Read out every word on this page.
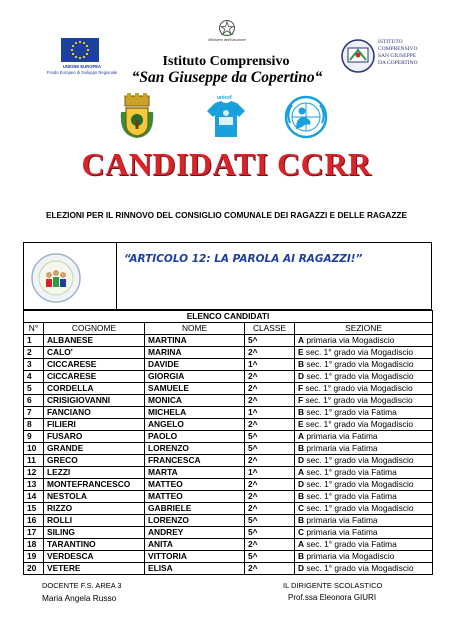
UNIONE EUROPEA
Fondo Europeo di Sviluppo Regionale
Ministero dell'Istruzione
Istituto Comprensivo
“San Giuseppe da Copertino“
ISTITUTO COMPRENSIVO
SAN GIUSEPPE
DA COPERTINO
unicef
CANDIDATI CCRR
ELEZIONI PER IL RINNOVO DEL CONSIGLIO COMUNALE DEI RAGAZZI E DELLE RAGAZZE
“ARTICOLO 12: LA PAROLA AI RAGAZZI!”
ELENCO CANDIDATI				
N°	COGNOME	NOME	CLASSE	SEZIONE
1	ALBANESE	MARTINA	5^	A primaria via Mogadiscio
2	CALO'	MARINA	2^	E sec. 1° grado via Mogadiscio
3	CICCARESE	DAVIDE	1^	B sec. 1° grado via Mogadiscio
4	CICCARESE	GIORGIA	2^	D sec. 1° grado via Mogadiscio
5	CORDELLA	SAMUELE	2^	F sec. 1° grado via Mogadiscio
6	CRISIGIOVANNI	MONICA	2^	F sec. 1° grado via Mogadiscio
7	FANCIANO	MICHELA	1^	B sec. 1° grado via Fatima
8	FILIERI	ANGELO	2^	E sec. 1° grado via Mogadiscio
9	FUSARO	PAOLO	5^	A primaria via Fatima
10	GRANDE	LORENZO	5^	B primaria via Fatima
11	GRECO	FRANCESCA	2^	D sec. 1° grado via Mogadiscio
12	LEZZI	MARTA	1^	A sec. 1° grado via Fatima
13	MONTEFRANCESCO	MATTEO	2^	D sec. 1° grado via Mogadiscio
14	NESTOLA	MATTEO	2^	B sec. 1° grado via Fatima
15	RIZZO	GABRIELE	2^	C sec. 1° grado via Mogadiscio
16	ROLLI	LORENZO	5^	B primaria via Fatima
17	SILING	ANDREY	5^	C primaria via Fatima
18	TARANTINO	ANITA	2^	A sec. 1° grado via Fatima
19	VERDESCA	VITTORIA	5^	B primaria via Mogadiscio
20	VETERE	ELISA	2^	D sec. 1° grado via Mogadiscio
DOCENTE F.S. AREA 3
Maria Angela Russo
IL DIRIGENTE SCOLASTICO
Prof.ssa Eleonora GIURI
